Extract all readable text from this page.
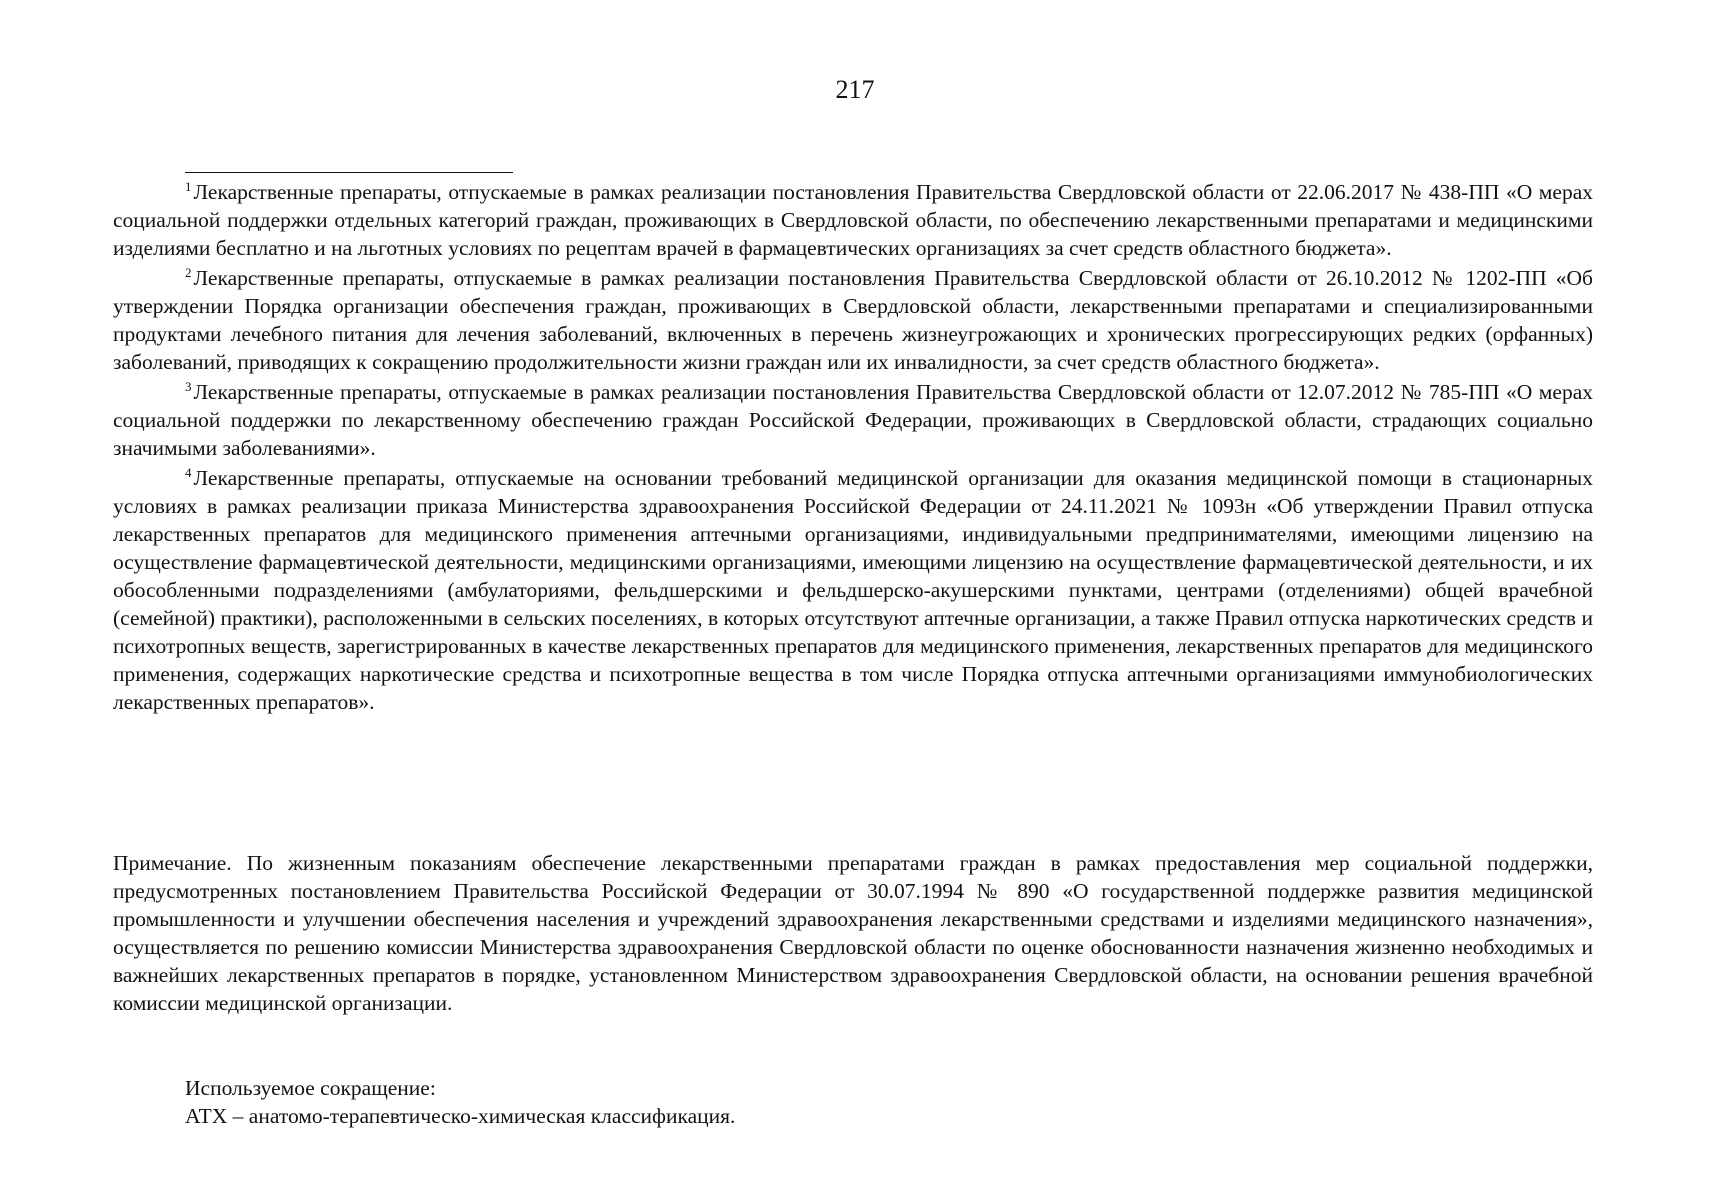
217

$^1$Лекарственные препараты, отпускаемые в рамках реализации постановления Правительства Свердловской области от 22.06.2017 № 438-ПП «О мерах социальной поддержки отдельных категорий граждан, проживающих в Свердловской области, по обеспечению лекарственными препаратами и медицинскими изделиями бесплатно и на льготных условиях по рецептам врачей в фармацевтических организациях за счет средств областного бюджета».

$^2$Лекарственные препараты, отпускаемые в рамках реализации постановления Правительства Свердловской области от 26.10.2012 № 1202-ПП «Об утверждении Порядка организации обеспечения граждан, проживающих в Свердловской области, лекарственными препаратами и специализированными продуктами лечебного питания для лечения заболеваний, включенных в перечень жизнеугрожающих и хронических прогрессирующих редких (орфанных) заболеваний, приводящих к сокращению продолжительности жизни граждан или их инвалидности, за счет средств областного бюджета».

$^3$Лекарственные препараты, отпускаемые в рамках реализации постановления Правительства Свердловской области от 12.07.2012 № 785-ПП «О мерах социальной поддержки по лекарственному обеспечению граждан Российской Федерации, проживающих в Свердловской области, страдающих социально значимыми заболеваниями».

$^4$Лекарственные препараты, отпускаемые на основании требований медицинской организации для оказания медицинской помощи в стационарных условиях в рамках реализации приказа Министерства здравоохранения Российской Федерации от 24.11.2021 № 1093н «Об утверждении Правил отпуска лекарственных препаратов для медицинского применения аптечными организациями, индивидуальными предпринимателями, имеющими лицензию на осуществление фармацевтической деятельности, медицинскими организациями, имеющими лицензию на осуществление фармацевтической деятельности, и их обособленными подразделениями (амбулаториями, фельдшерскими и фельдшерско-акушерскими пунктами, центрами (отделениями) общей врачебной (семейной) практики), расположенными в сельских поселениях, в которых отсутствуют аптечные организации, а также Правил отпуска наркотических средств и психотропных веществ, зарегистрированных в качестве лекарственных препаратов для медицинского применения, лекарственных препаратов для медицинского применения, содержащих наркотические средства и психотропные вещества в том числе Порядка отпуска аптечными организациями иммунобиологических лекарственных препаратов».

Примечание. По жизненным показаниям обеспечение лекарственными препаратами граждан в рамках предоставления мер социальной поддержки, предусмотренных постановлением Правительства Российской Федерации от 30.07.1994 № 890 «О государственной поддержке развития медицинской промышленности и улучшении обеспечения населения и учреждений здравоохранения лекарственными средствами и изделиями медицинского назначения», осуществляется по решению комиссии Министерства здравоохранения Свердловской области по оценке обоснованности назначения жизненно необходимых и важнейших лекарственных препаратов в порядке, установленном Министерством здравоохранения Свердловской области, на основании решения врачебной комиссии медицинской организации.

Используемое сокращение:
АТХ – анатомо-терапевтическо-химическая классификация.
